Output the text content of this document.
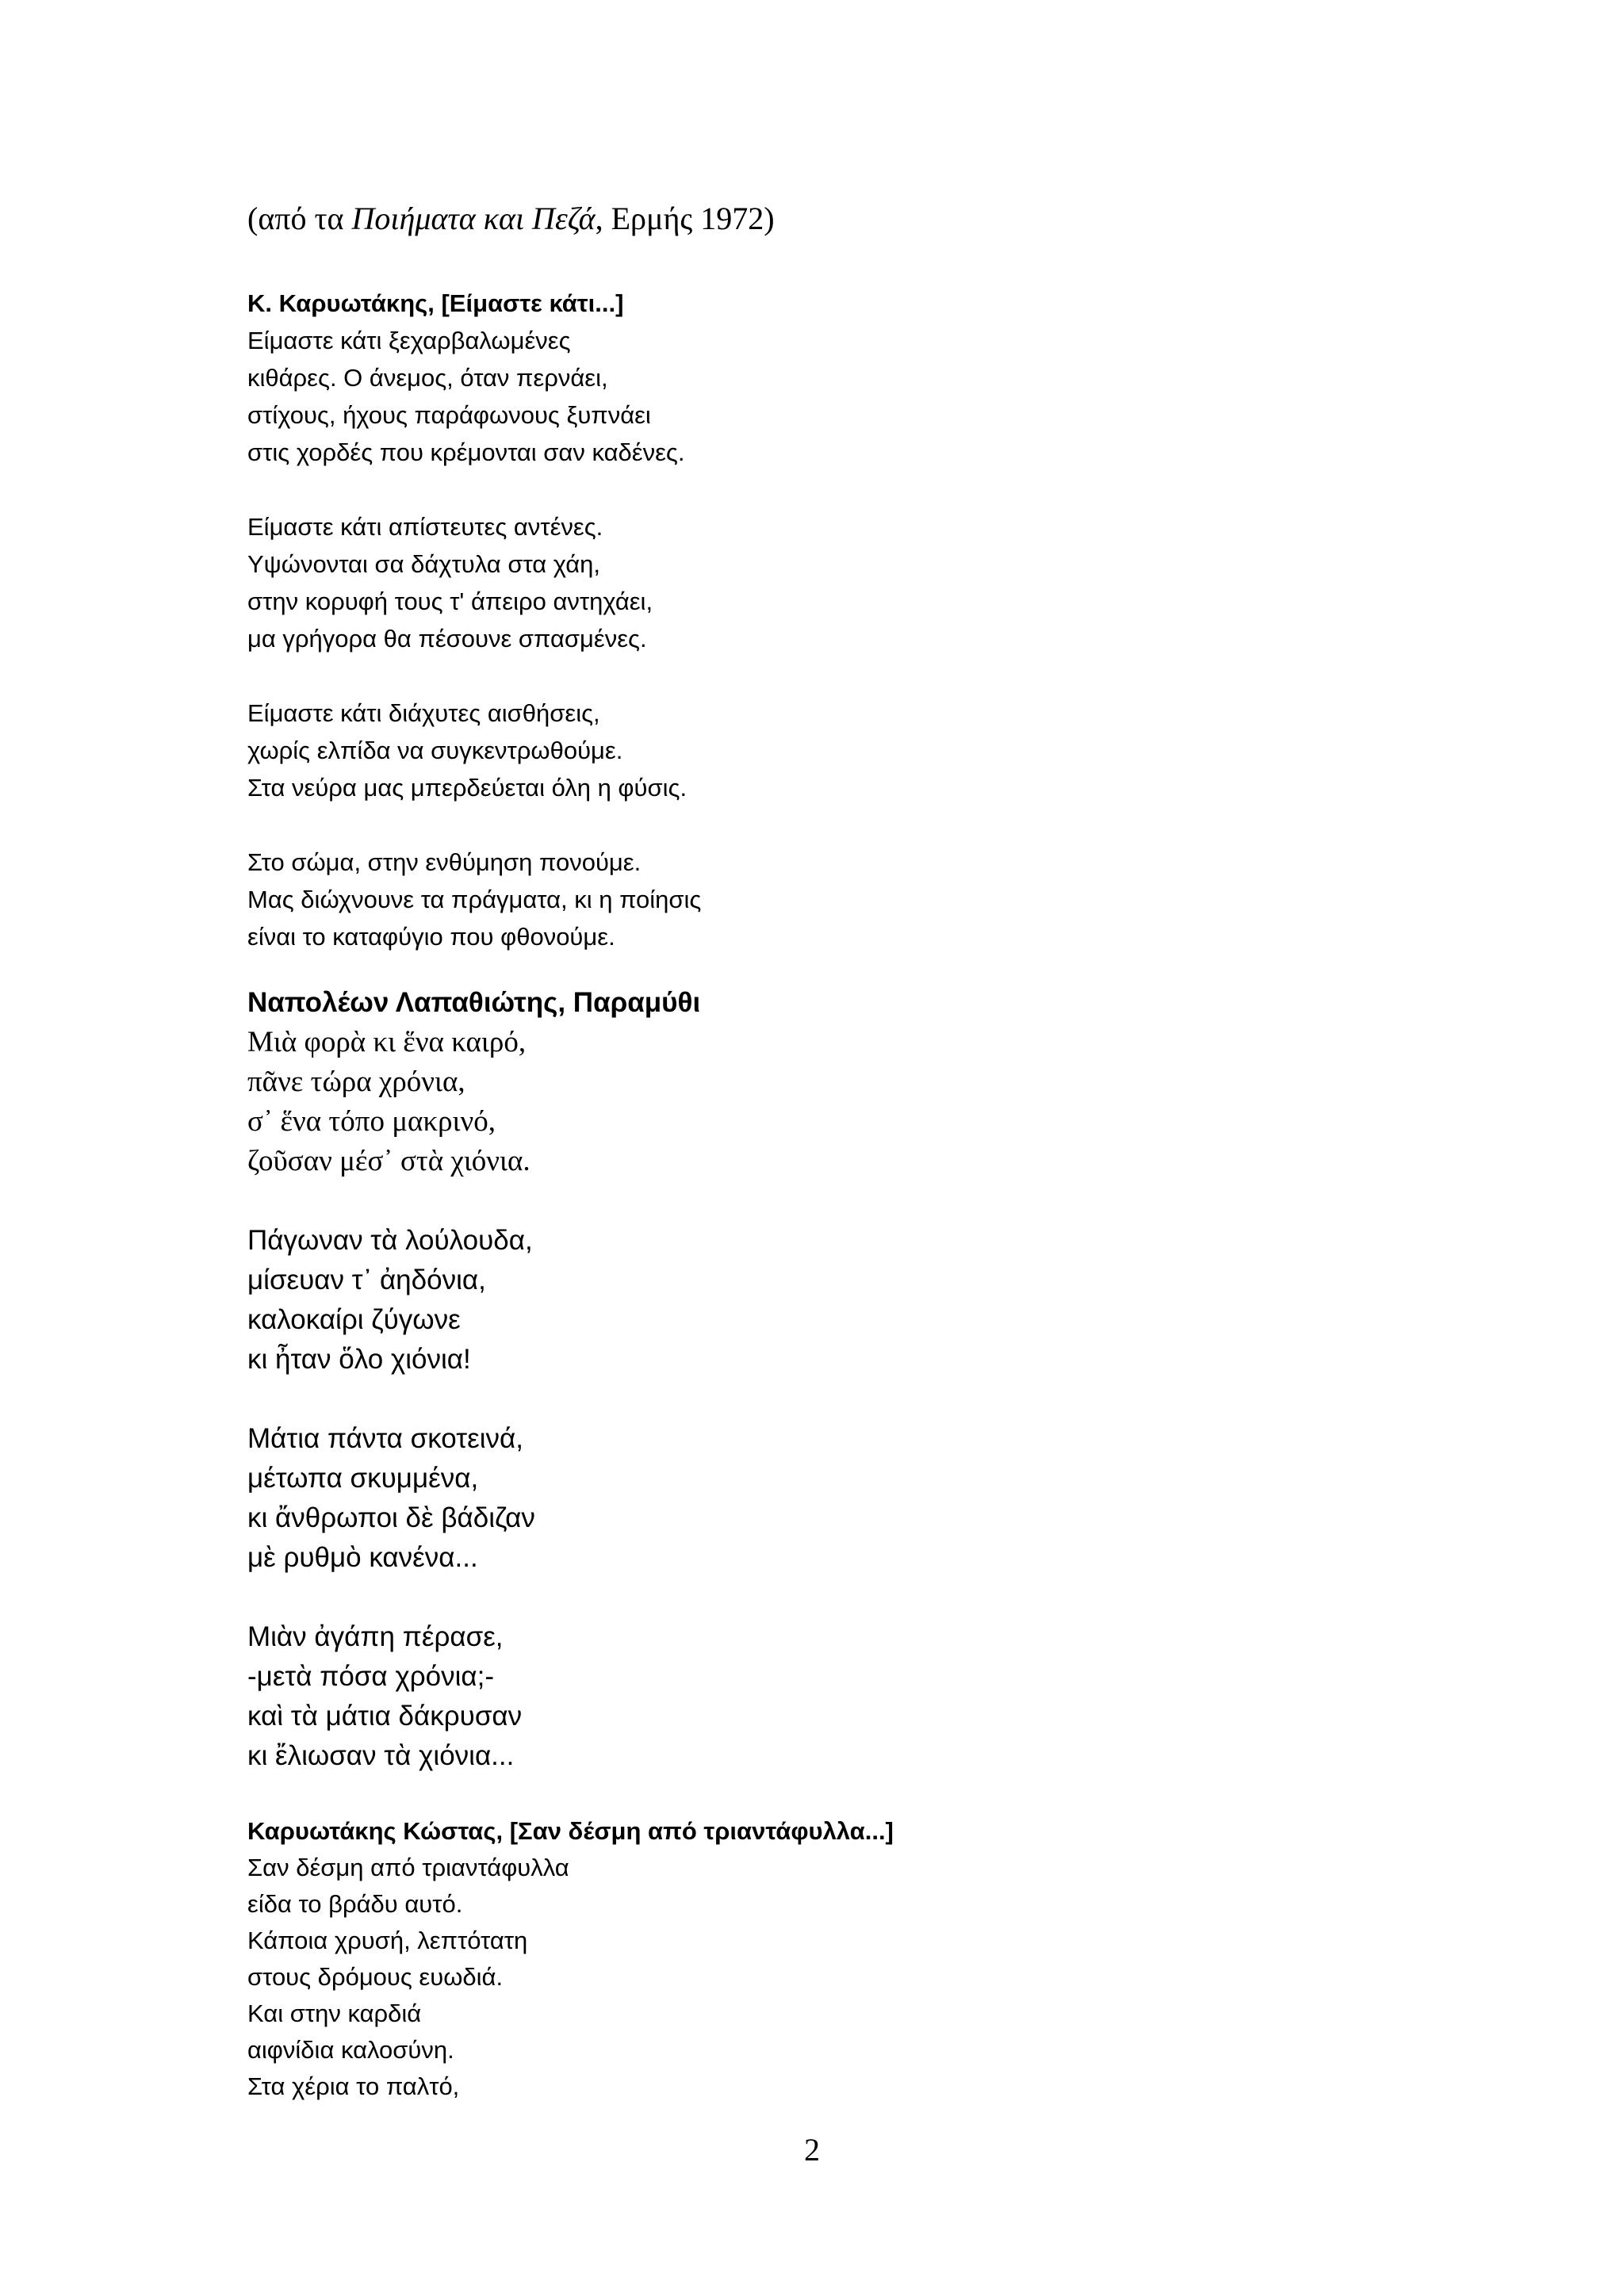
(από τα Ποιήματα και Πεζά, Ερμής 1972)
Κ. Καρυωτάκης, [Είμαστε κάτι...]
Είμαστε κάτι ξεχαρβαλωμένες
κιθάρες. Ο άνεμος, όταν περνάει,
στίχους, ήχους παράφωνους ξυπνάει
στις χορδές που κρέμονται σαν καδένες.
Είμαστε κάτι απίστευτες αντένες.
Υψώνονται σα δάχτυλα στα χάη,
στην κορυφή τους τ' άπειρο αντηχάει,
μα γρήγορα θα πέσουνε σπασμένες.
Είμαστε κάτι διάχυτες αισθήσεις,
χωρίς ελπίδα να συγκεντρωθούμε.
Στα νεύρα μας μπερδεύεται όλη η φύσις.
Στο σώμα, στην ενθύμηση πονούμε.
Μας διώχνουνε τα πράγματα, κι η ποίησις
είναι το καταφύγιο που φθονούμε.
Ναπολέων Λαπαθιώτης, Παραμύθι
Μιὰ φορὰ κι ἕνα καιρό,
πᾶνε τώρα χρόνια,
σ᾿ ἕνα τόπο μακρινό,
ζοῦσαν μέσ᾿ στὰ χιόνια.
Πάγωναν τὰ λούλουδα,
μίσευαν τ᾿ ἀηδόνια,
καλοκαίρι ζύγωνε
κι ἦταν ὅλο χιόνια!
Μάτια πάντα σκοτεινά,
μέτωπα σκυμμένα,
κι ἄνθρωποι δὲ βάδιζαν
μὲ ρυθμὸ κανένα...
Μιὰν ἀγάπη πέρασε,
-μετὰ πόσα χρόνια;-
καὶ τὰ μάτια δάκρυσαν
κι ἔλιωσαν τὰ χιόνια...
Καρυωτάκης Κώστας, [Σαν δέσμη από τριαντάφυλλα...]
Σαν δέσμη από τριαντάφυλλα
είδα το βράδυ αυτό.
Κάποια χρυσή, λεπτότατη
στους δρόμους ευωδιά.
Και στην καρδιά
αιφνίδια καλοσύνη.
Στα χέρια το παλτό,
2
